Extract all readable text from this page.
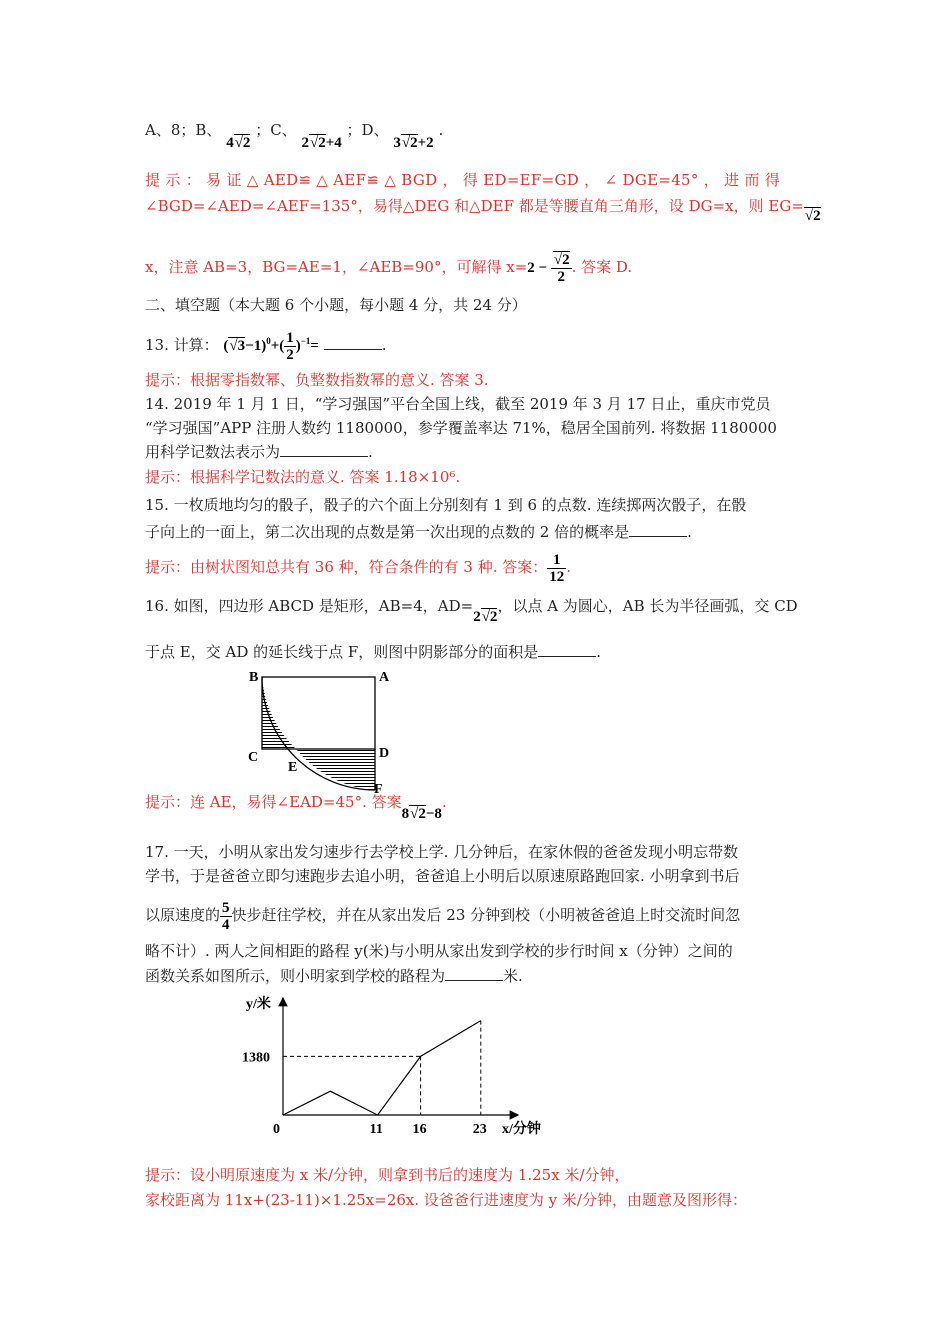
A、8；B、 4√2 ；C、 2√2+4 ；D、 3√2+2 .
提 示 ： 易 证 △ AED≌ △ AEF≌ △ BGD ， 得 ED=EF=GD ， ∠ DGE=45° ， 进 而 得
∠BGD=∠AED=∠AEF=135°，易得△DEG 和△DEF 都是等腰直角三角形，设 DG=x，则 EG=√2
x，注意 AB=3，BG=AE=1，∠AEB=90°，可解得 $x=2 - \frac{√2}{2}$ . 答案 D.
二、填空题（本大题 6 个小题，每小题 4 分，共 24 分）
13. 计算： $(√3-1)^0+( \frac{1}{2} )^{-1}=$	.
提示：根据零指数幂、负整数指数幂的意义. 答案 3.
14. 2019 年 1 月 1 日，“学习强国”平台全国上线，截至 2019 年 3 月 17 日止，重庆市党员
“学习强国”APP 注册人数约 1180000，参学覆盖率达 71%，稳居全国前列. 将数据 1180000
用科学记数法表示为	.
提示：根据科学记数法的意义. 答案 1.18×10⁶.
15. 一枚质地均匀的骰子，骰子的六个面上分别刻有 1 到 6 的点数. 连续掷两次骰子，在骰
子向上的一面上，第二次出现的点数是第一次出现的点数的 2 倍的概率是	.
提示：由树状图知总共有 36 种，符合条件的有 3 种. 答案： $\frac{1}{12}$ .
16. 如图，四边形 ABCD 是矩形，AB=4，AD=2√2，以点 A 为圆心，AB 长为半径画弧，交 CD
于点 E，交 AD 的延长线于点 F，则图中阴影部分的面积是	.
B	A
C	D
E
F
提示：连 AE，易得∠EAD=45°. 答案8√2−8.
17. 一天，小明从家出发匀速步行去学校上学. 几分钟后，在家休假的爸爸发现小明忘带数
学书，于是爸爸立即匀速跑步去追小明，爸爸追上小明后以原速原路跑回家. 小明拿到书后
以原速度的 $\frac{5}{4}$ 快步赶往学校，并在从家出发后 23 分钟到校（小明被爸爸追上时交流时间忽
略不计）. 两人之间相距的路程 y(米)与小明从家出发到学校的步行时间 x（分钟）之间的
函数关系如图所示，则小明家到学校的路程为	米.
y/米
x/分钟
0	11 16	23
1380
提示：设小明原速度为 x 米/分钟，则拿到书后的速度为 1.25x 米/分钟，
家校距离为 11x+(23-11)×1.25x=26x. 设爸爸行进速度为 y 米/分钟，由题意及图形得：
